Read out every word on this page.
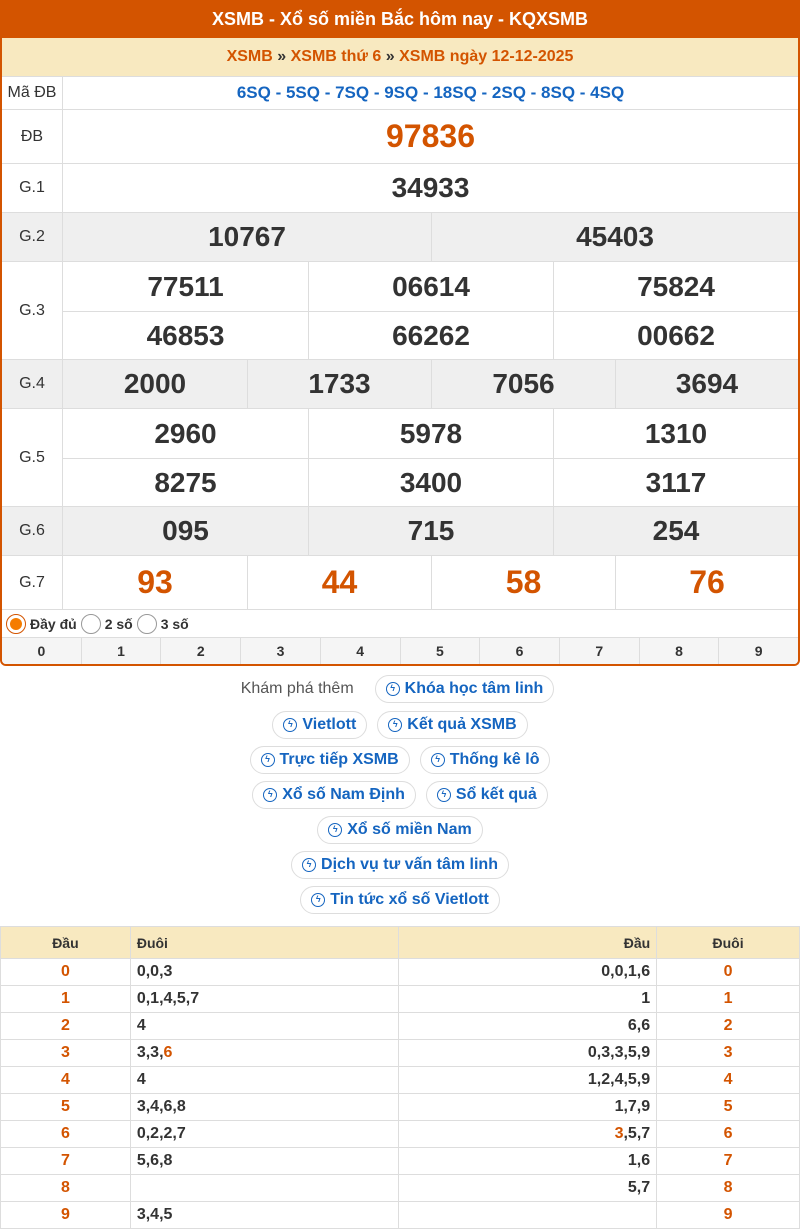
XSMB - Xổ số miền Bắc hôm nay - KQXSMB
XSMB » XSMB thứ 6 » XSMB ngày 12-12-2025
Mã ĐB	6SQ - 5SQ - 7SQ - 9SQ - 18SQ - 2SQ - 8SQ - 4SQ
ĐB	97836
G.1	34933
G.2	10767	45403
G.3
77511	06614	75824
46853	66262	00662
G.4	2000	1733	7056	3694
G.5
2960	5978	1310
8275	3400	3117
G.6	095	715	254
G.7	93	44	58	76
Đầy đủ 2 số 3 số
0	1	2	3	4	5	6	7	8	9
Khám phá thêm	ϟ Khóa học tâm linh
ϟ Vietlott	ϟ Kết quả XSMB
ϟ Trực tiếp XSMB	ϟ Thống kê lô
ϟ Xổ số Nam Định	ϟ Sổ kết quả
ϟ Xổ số miền Nam
ϟ Dịch vụ tư vấn tâm linh
ϟ Tin tức xổ số Vietlott
Đầu	Đuôi	Đầu	Đuôi
0	0,0,3	0,0,1,6	0
1	0,1,4,5,7	1	1
2	4	6,6	2
3	3,3,6	0,3,3,5,9	3
4	4	1,2,4,5,9	4
5	3,4,6,8	1,7,9	5
6	0,2,2,7	3,5,7	6
7	5,6,8	1,6	7
8		5,7	8
9	3,4,5		9
